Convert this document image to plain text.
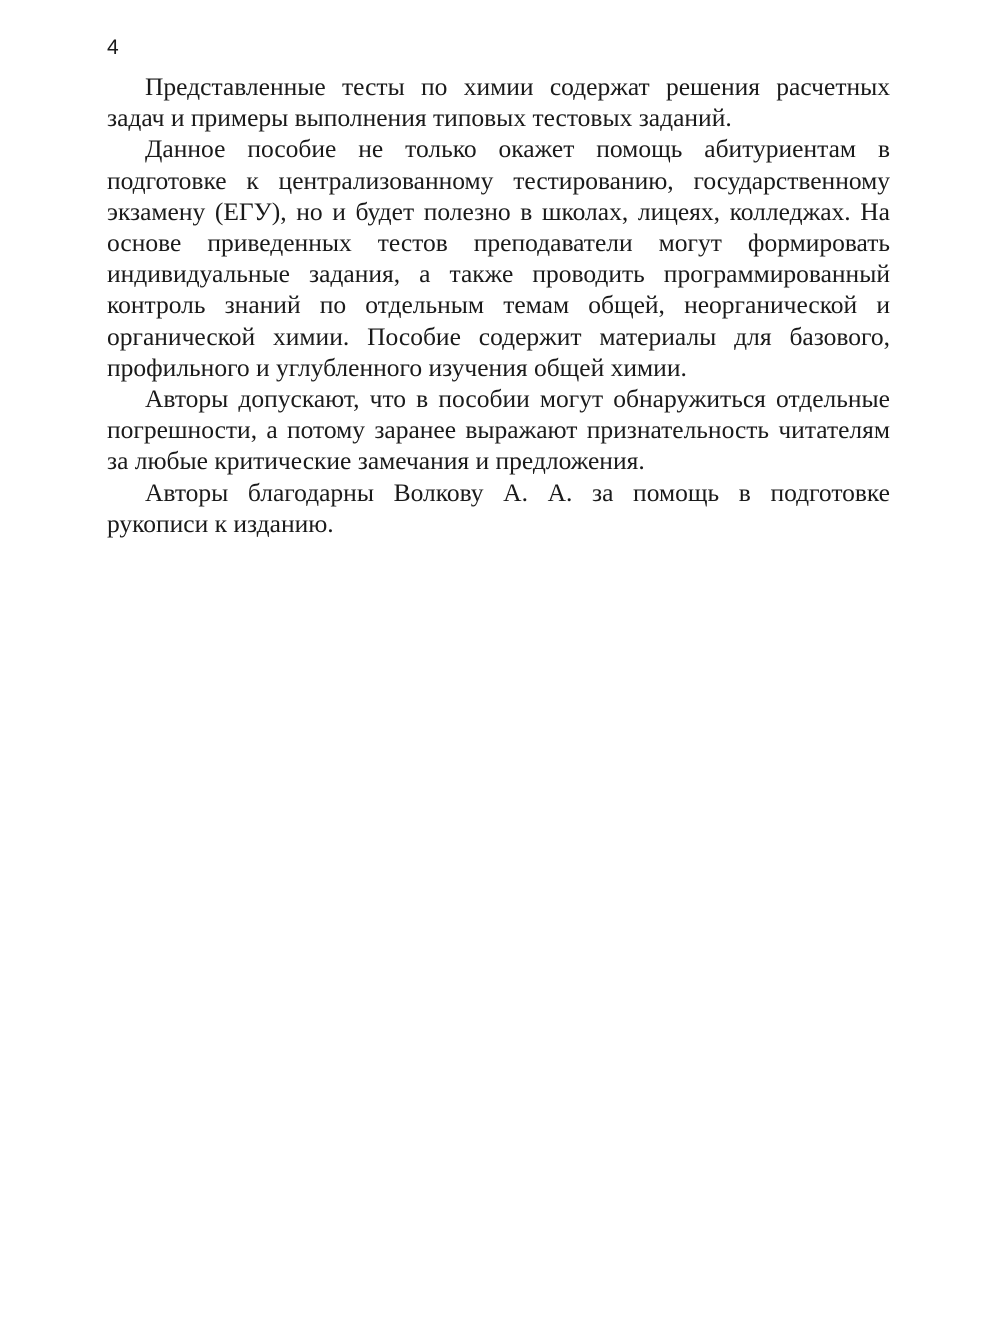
4

Представленные тесты по химии содержат решения расчетных задач и примеры выполнения типовых тестовых заданий.

Данное пособие не только окажет помощь абитуриентам в подготовке к централизованному тестированию, государственному экзамену (ЕГУ), но и будет полезно в школах, лицеях, колледжах. На основе приведенных тестов преподаватели могут формировать индивидуальные задания, а также проводить программированный контроль знаний по отдельным темам общей, неорганической и органической химии. Пособие содержит материалы для базового, профильного и углубленного изучения общей химии.

Авторы допускают, что в пособии могут обнаружиться отдельные погрешности, а потому заранее выражают признательность читателям за любые критические замечания и предложения.

Авторы благодарны Волкову А. А. за помощь в подготовке рукописи к изданию.
